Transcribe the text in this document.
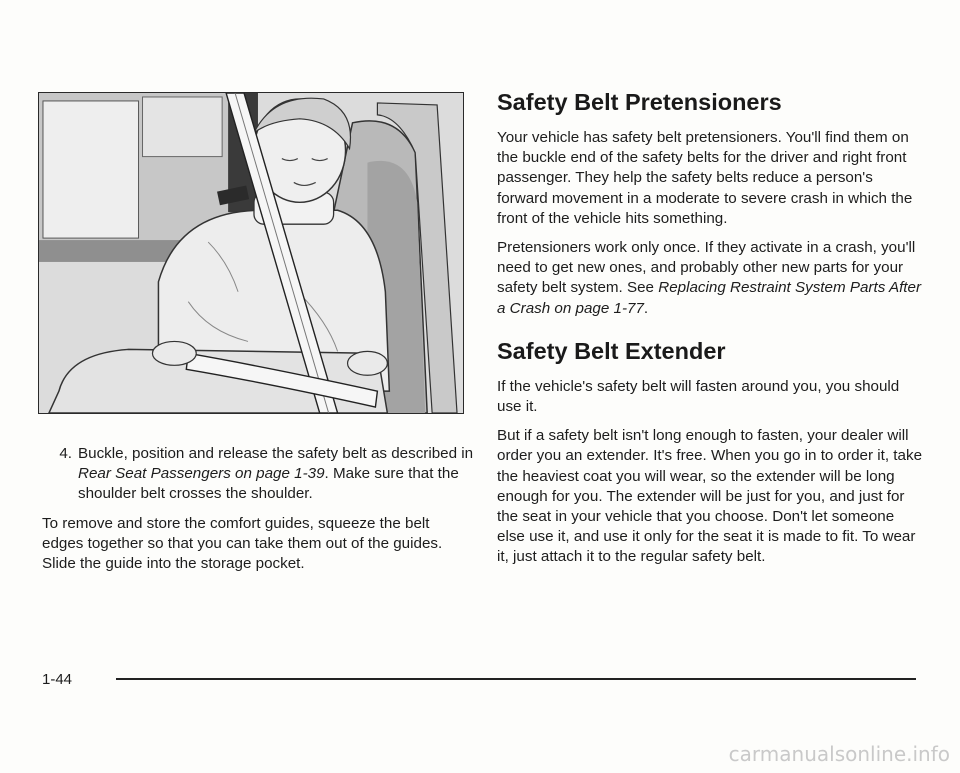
4. Buckle, position and release the safety belt as described in Rear Seat Passengers on page 1-39. Make sure that the shoulder belt crosses the shoulder.

To remove and store the comfort guides, squeeze the belt edges together so that you can take them out of the guides. Slide the guide into the storage pocket.

Safety Belt Pretensioners

Your vehicle has safety belt pretensioners. You'll find them on the buckle end of the safety belts for the driver and right front passenger. They help the safety belts reduce a person's forward movement in a moderate to severe crash in which the front of the vehicle hits something.

Pretensioners work only once. If they activate in a crash, you'll need to get new ones, and probably other new parts for your safety belt system. See Replacing Restraint System Parts After a Crash on page 1-77.

Safety Belt Extender

If the vehicle's safety belt will fasten around you, you should use it.

But if a safety belt isn't long enough to fasten, your dealer will order you an extender. It's free. When you go in to order it, take the heaviest coat you will wear, so the extender will be long enough for you. The extender will be just for you, and just for the seat in your vehicle that you choose. Don't let someone else use it, and use it only for the seat it is made to fit. To wear it, just attach it to the regular safety belt.

1-44
carmanualsonline.info
